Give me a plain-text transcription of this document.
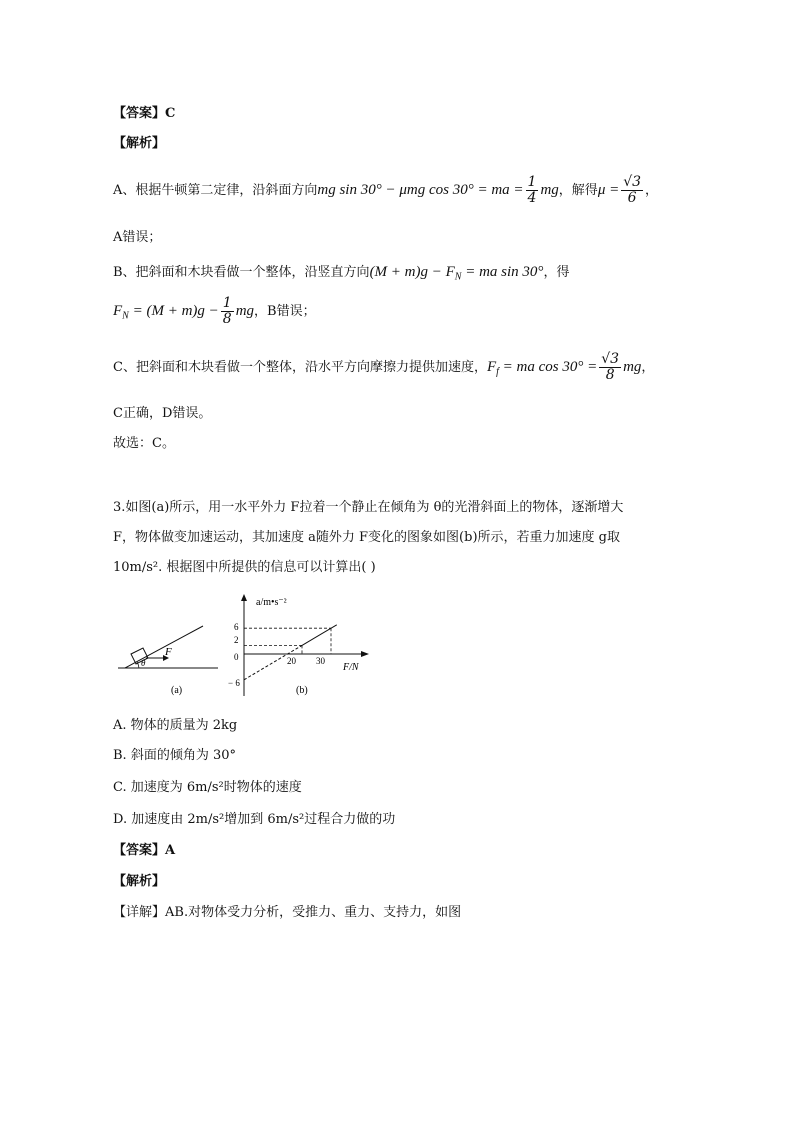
【答案】C
【解析】
A、根据牛顿第二定律，沿斜面方向mg sin 30° − μmg cos 30° = ma = $\frac{1}{4}$ mg，解得$\mu = \frac{√3}{6}$ ，
A错误；
B、把斜面和木块看做一个整体，沿竖直方向$(M + m)g - F_N$ = ma sin 30°，得
$F_N = (M + m)g - \frac{1}{8}$ mg，B错误；
C、把斜面和木块看做一个整体，沿水平方向摩擦力提供加速度，$F_f$ = ma $\cos 30^\circ = \frac{√3}{8}$ mg，
C正确，D错误。
故选：C。
3.如图(a)所示，用一水平外力 F拉着一个静止在倾角为 θ的光滑斜面上的物体，逐渐增大
F，物体做变加速运动，其加速度 a随外力 F变化的图象如图(b)所示，若重力加速度 g取
10m/s². 根据图中所提供的信息可以计算出( )
F
θ
(a)
a/m•s⁻²
F/N
6
2
0
− 6
20 30
(b)
A. 物体的质量为 2kg
B. 斜面的倾角为 30°
C. 加速度为 6m/s²时物体的速度
D. 加速度由 2m/s²增加到 6m/s²过程合力做的功
【答案】A
【解析】
【详解】AB.对物体受力分析，受推力、重力、支持力，如图
